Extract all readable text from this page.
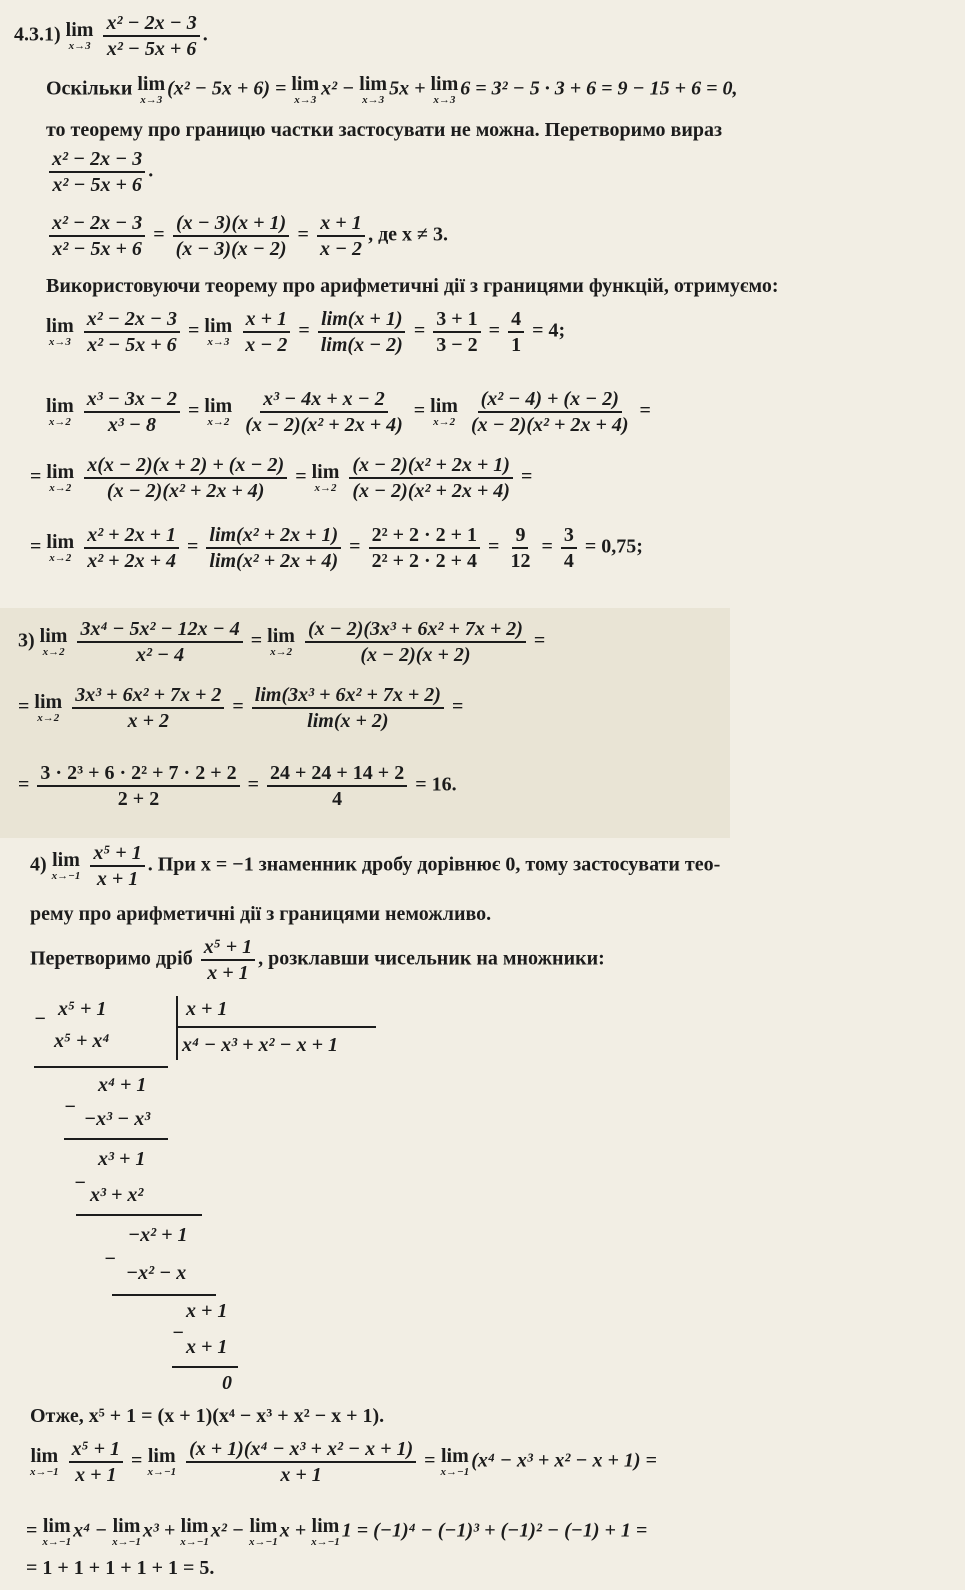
4.3.1) lim
x→3
$\frac{\text{x² − 2x − 3}}{\text{x² − 5x + 6}}$ .
Оскільки lim
x→3
(x² − 5x + 6) = lim
x→3
x² − lim
x→3
5x + lim
x→3
6 = 3² − 5 · 3 + 6 = 9 − 15 + 6 = 0,
то теорему про границю частки застосувати не можна. Перетворимо вираз
$\frac{\text{x² − 2x − 3}}{\text{x² − 5x + 6}}$ .
$\frac{\text{x² − 2x − 3}}{\text{x² − 5x + 6}} = \frac{(x - 3)(x + 1)}{(x - 3)(x - 2)} = \frac{x + 1}{x - 2}$ , де x ≠ 3.
Використовуючи теорему про арифметичні дії з границями функцій, отримуємо:
lim
x→3
$\frac{\text{x² − 2x − 3}}{\text{x² − 5x + 6}} = \lim$
x→3
$\frac{x + 1}{x - 2} = \frac{\lim(x + 1)}{\lim(x - 2)} = \frac{3 + 1}{3 - 2} = \frac{4}{1} = 4$;
lim
x→2
$\frac{\text{x³ − 3x − 2}}{\text{x³ − 8}} = \lim$
x→2
$\frac{\text{x³ − 4x + x − 2}}{\text{(x − 2)(x² + 2x + 4)}} = \lim$
x→2
$\frac{\text{(x² − 4) + (x − 2)}}{\text{(x − 2)(x² + 2x + 4)}}$ =
= lim
x→2
$\frac{x(x - 2)(x + 2) + (x - 2)}{\text{(x − 2)(x² + 2x + 4)}} = \lim$
x→2
$\frac{\text{(x − 2)(x² + 2x + 1)}}{\text{(x − 2)(x² + 2x + 4)}}$ =
= lim
x→2
$\frac{\text{x² + 2x + 1}}{\text{x² + 2x + 4}} = \frac{\text{lim(x² + 2x + 1)}}{\text{lim(x² + 2x + 4)}} = \frac{\text{2² + 2 · 2 + 1}}{\text{2² + 2 · 2 + 4}} = \frac{9}{12} = \frac{3}{4} = 0,75$;
3) lim
x→2
$\frac{\text{3x⁴ − 5x² − 12x − 4}}{\text{x² − 4}} = \lim$
x→2
$\frac{\text{(x − 2)(3x³ + 6x² + 7x + 2)}}{(x - 2)(x + 2)}$ =
= lim
x→2
$\frac{\text{3x³ + 6x² + 7x + 2}}{x + 2} = \frac{\text{lim(3x³ + 6x² + 7x + 2)}}{\lim(x + 2)}$ =
= $\frac{\text{3 · 2³ + 6 · 2² + 7 · 2 + 2}}{2 + 2} = \frac{24 + 24 + 14 + 2}{4} = 16$.
4) lim
x→−1
$\frac{\text{x⁵ + 1}}{x + 1}$ . При x = −1 знаменник дробу дорівнює 0, тому застосувати тео-
рему про арифметичні дії з границями неможливо.
Перетворимо дріб $\frac{\text{x⁵ + 1}}{x + 1}$ , розклавши чисельник на множники:
− x⁵ + 1
x⁵ + x⁴
x + 1
x⁴ − x³ + x² − x + 1
x⁴ + 1
−
−x³ − x³
x³ + 1
−
x³ + x²
−x² + 1
−
−x² − x
x + 1
−
x + 1
0
Отже, x⁵ + 1 = (x + 1)(x⁴ − x³ + x² − x + 1).
lim
x→−1
$\frac{\text{x⁵ + 1}}{x + 1} = \lim$
x→−1
$\frac{\text{(x + 1)(x⁴ − x³ + x² − x + 1)}}{x + 1} = \lim$
x→−1
(x⁴ − x³ + x² − x + 1) =
= lim
x→−1
x⁴ − lim
x→−1
x³ + lim
x→−1
x² − lim
x→−1
x + lim
x→−1
1 = (−1)⁴ − (−1)³ + (−1)² − (−1) + 1 =
= 1 + 1 + 1 + 1 + 1 = 5.
